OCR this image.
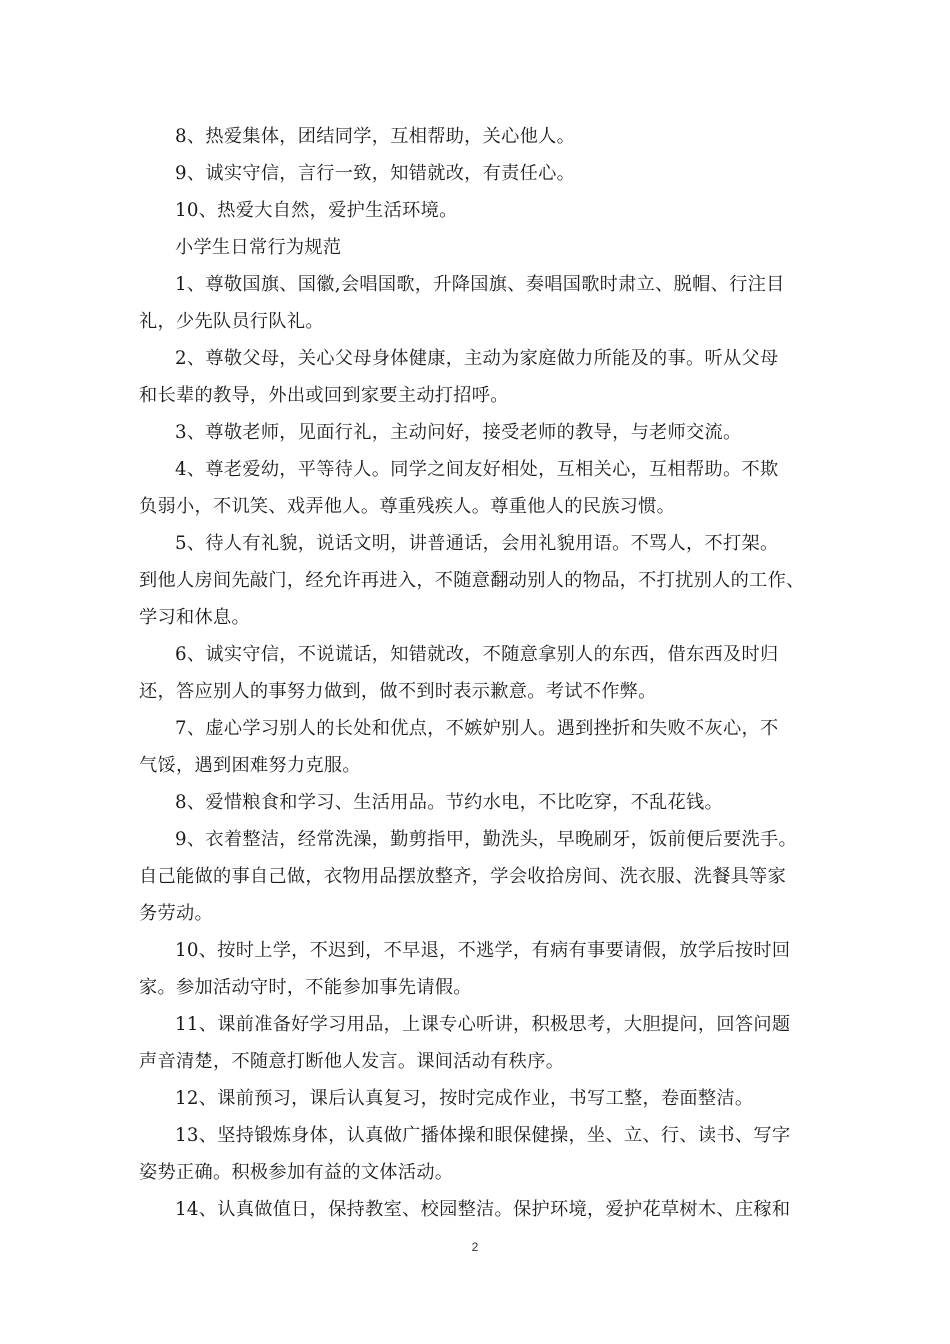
8、热爱集体，团结同学，互相帮助，关心他人。
9、诚实守信，言行一致，知错就改，有责任心。
10、热爱大自然，爱护生活环境。
小学生日常行为规范
1、尊敬国旗、国徽,会唱国歌，升降国旗、奏唱国歌时肃立、脱帽、行注目
礼，少先队员行队礼。
2、尊敬父母，关心父母身体健康，主动为家庭做力所能及的事。听从父母
和长辈的教导，外出或回到家要主动打招呼。
3、尊敬老师，见面行礼，主动问好，接受老师的教导，与老师交流。
4、尊老爱幼，平等待人。同学之间友好相处，互相关心，互相帮助。不欺
负弱小，不讥笑、戏弄他人。尊重残疾人。尊重他人的民族习惯。
5、待人有礼貌，说话文明，讲普通话，会用礼貌用语。不骂人，不打架。
到他人房间先敲门，经允许再进入，不随意翻动别人的物品，不打扰别人的工作、
学习和休息。
6、诚实守信，不说谎话，知错就改，不随意拿别人的东西，借东西及时归
还，答应别人的事努力做到，做不到时表示歉意。考试不作弊。
7、虚心学习别人的长处和优点，不嫉妒别人。遇到挫折和失败不灰心，不
气馁，遇到困难努力克服。
8、爱惜粮食和学习、生活用品。节约水电，不比吃穿，不乱花钱。
9、衣着整洁，经常洗澡，勤剪指甲，勤洗头，早晚刷牙，饭前便后要洗手。
自己能做的事自己做，衣物用品摆放整齐，学会收拾房间、洗衣服、洗餐具等家
务劳动。
10、按时上学，不迟到，不早退，不逃学，有病有事要请假，放学后按时回
家。参加活动守时，不能参加事先请假。
11、课前准备好学习用品，上课专心听讲，积极思考，大胆提问，回答问题
声音清楚，不随意打断他人发言。课间活动有秩序。
12、课前预习，课后认真复习，按时完成作业，书写工整，卷面整洁。
13、坚持锻炼身体，认真做广播体操和眼保健操，坐、立、行、读书、写字
姿势正确。积极参加有益的文体活动。
14、认真做值日，保持教室、校园整洁。保护环境，爱护花草树木、庄稼和
2
